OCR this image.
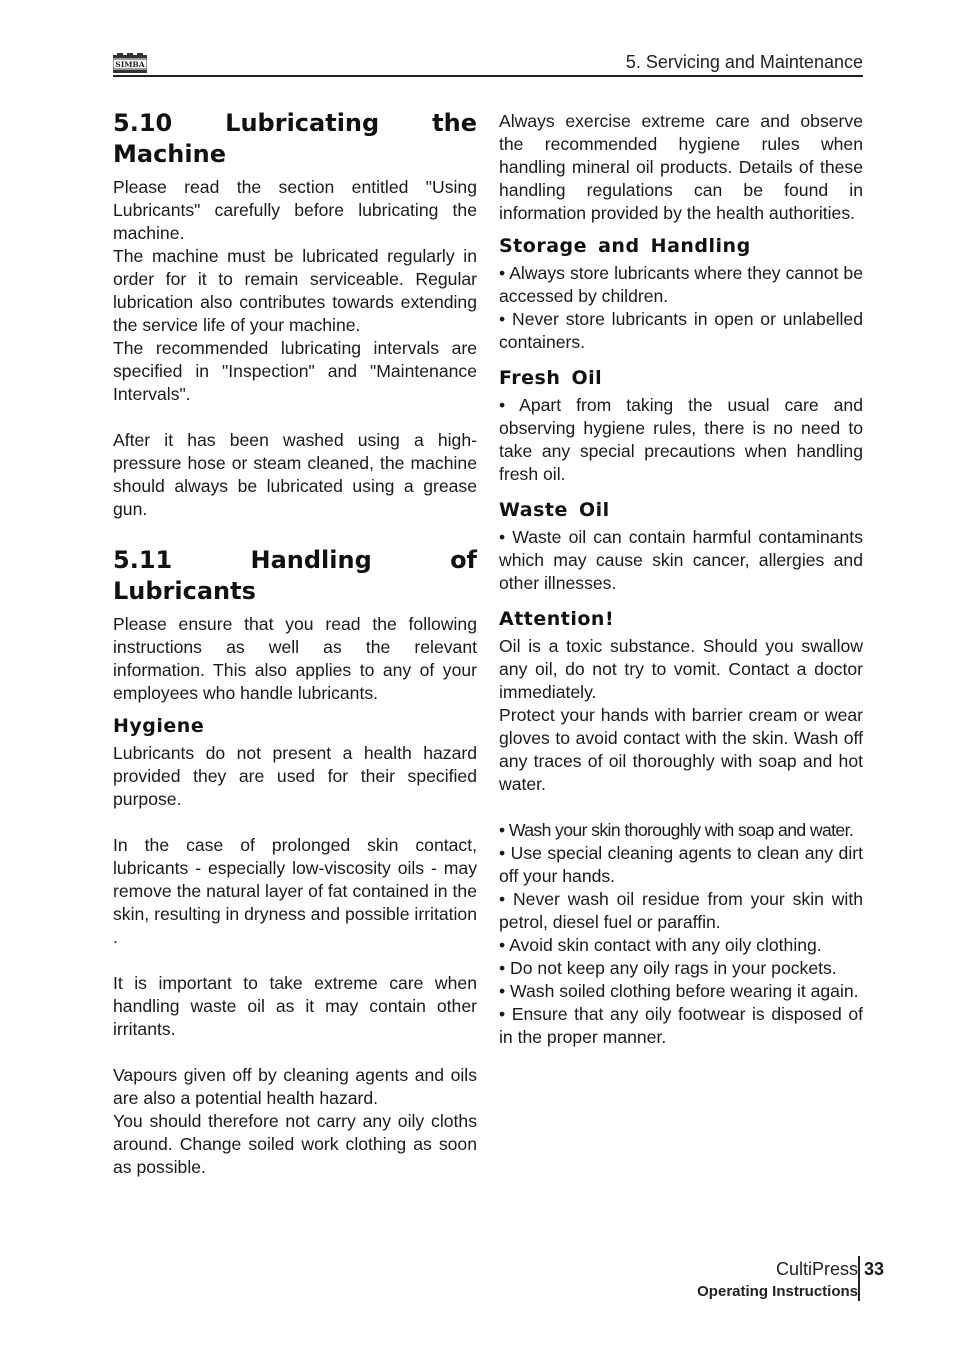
SIMBA	5. Servicing and Maintenance
5.10 Lubricating the Machine

Please read the section entitled "Using Lubricants" carefully before lubricating the machine.

The machine must be lubricated regularly in order for it to remain serviceable. Regular lubrication also contributes towards extending the service life of your machine.

The recommended lubricating intervals are specified in "Inspection" and "Maintenance Intervals".

After it has been washed using a high-pressure hose or steam cleaned, the machine should always be lubricated using a grease gun.

5.11 Handling of Lubricants

Please ensure that you read the following instructions as well as the relevant information. This also applies to any of your employees who handle lubricants.

Hygiene

Lubricants do not present a health hazard provided they are used for their specified purpose.

In the case of prolonged skin contact, lubricants - especially low-viscosity oils - may remove the natural layer of fat contained in the skin, resulting in dryness and possible irritation .

It is important to take extreme care when handling waste oil as it may contain other irritants.

Vapours given off by cleaning agents and oils are also a potential health hazard.

You should therefore not carry any oily cloths around. Change soiled work clothing as soon as possible.

Always exercise extreme care and observe the recommended hygiene rules when handling mineral oil products. Details of these handling regulations can be found in information provided by the health authorities.

Storage and Handling

• Always store lubricants where they cannot be accessed by children.

• Never store lubricants in open or unlabelled containers.

Fresh Oil

• Apart from taking the usual care and observing hygiene rules, there is no need to take any special precautions when handling fresh oil.

Waste Oil

• Waste oil can contain harmful contaminants which may cause skin cancer, allergies and other illnesses.

Attention!

Oil is a toxic substance. Should you swallow any oil, do not try to vomit. Contact a doctor immediately.

Protect your hands with barrier cream or wear gloves to avoid contact with the skin. Wash off any traces of oil thoroughly with soap and hot water.

• Wash your skin thoroughly with soap and water.

• Use special cleaning agents to clean any dirt off your hands.

• Never wash oil residue from your skin with petrol, diesel fuel or paraffin.

• Avoid skin contact with any oily clothing.

• Do not keep any oily rags in your pockets.

• Wash soiled clothing before wearing it again.

• Ensure that any oily footwear is disposed of in the proper manner.

CultiPress
Operating Instructions
33
